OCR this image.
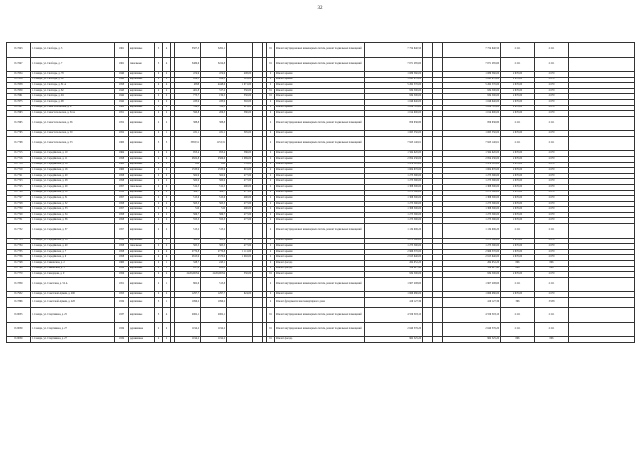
32
П-7643	г. Самара, ул. Свободы, д. 3	1961	кирпичные	5	4		3507,3	3262,1				91	Ремонт внутридомовых инженерных систем, ремонт подвальных помещений	7 754 640,50			7 754 640,50	2 211	2 211	
П-7647	г. Самара, ул. Свободы, д. 7	1961	панельные	5	4		3469,6	3224,8				91	Ремонт внутридомовых инженерных систем, ремонт подвальных помещений	7 671 285,60			7 671 285,60	2 211	2 211	
П-7654	г. Самара, ул. Свободы, д. 78	1940	кирпичные	2	2		474,9	474,9	408,00			2	Ремонт крыши	1 089 360,00			1 089 360,00	2 670,00	2 670	
П-7656	г. Самара, ул. Свободы, д. 80	1942	кирпичные	2	2		434,5	434,5	391,00			2	Ремонт крыши	1 043 970,00			1 043 970,00	2 670,00	2 670	
П-7658	г. Самара, ул. Свободы, д. 81 А	1958	кирпичные	4	4		4858	4448,6	1 971,00			2	Ремонт крыши	5 262 570,00			5 262 570,00	2 670,00	2 670	
П-7659	г. Самара, ул. Свободы, д. 82	1943	кирпичные	2	2		461,8	317,2	350,00			91	Ремонт крыши	934 500,00			934 500,00	2 670,00	2 670	
П-7661	г. Самара, ул. Свободы, д. 94	1942	кирпичные	2	2		775,7	159,5	350,00			91	Ремонт крыши	934 500,00			934 500,00	2 670,00	2 670	
П-7675	г. Самара, ул. Свободы, д. 98	1942	кирпичные	2	2		433,9	433,9	392,00			2	Ремонт крыши	1 046 640,00			1 046 640,00	2 670,00	2 670	
П-7687	г. Самара, ул. Севастопольская, д. 27	1960	кирпичные	3	2		519,5	519,5	613,00			2	Ремонт крыши	1 636 710,00			1 636 710,00	2 670,00	2 670	
П-7693	г. Самара, ул. Севастопольская, д. 34 А	1951	кирпичные	2	2		590,8	206,3	380,00			2	Ремонт крыши	1 014 600,00			1 014 600,00	2 670,00	2 670	
П-7695	г. Самара, ул. Севастопольская, д. 36	1952	кирпичные	2	2		388,8	388,8				2	Ремонт внутридомовых инженерных систем, ремонт подвальных помещений	859 636,80			859 636,80	2 211	2 211	
П-7705	г. Самара, ул. Севастопольская, д. 50	1952	кирпичные	2	1		431,1	431,1	395,00			2	Ремонт крыши	1 065 550,00			1 065 550,00	2 670,00	2 670	
П-7708	г. Самара, ул. Севастопольская, д. 53	1960	кирпичные	3	3		3583,51	1153,31				2	Ремонт внутридомовых инженерных систем, ремонт подвальных помещений	7 923 140,61			7 923 140,61	2 211	2 211	
П-7715	г. Самара, ул. Середёвская, д. 10	1964	кирпичные	2	2		953,4	953,4	586,00			2	Ремонт крыши	1 564 620,00			1 564 620,00	2 670,00	2 670	
П-7716	г. Самара, ул. Середёвская, д. 11	1958	кирпичные	4	4		2822,8	2566,6	1 069,00			2	Ремонт крыши	2 854 230,00			2 854 230,00	2 670,00	2 670	
П-7718	г. Самара, ул. Середёвская, д. 14	1960	кирпичные	2	1		630	630	553,00			2	Ремонт крыши	1 476 510,00			1 476 510,00	2 670,00	2 670	
П-7719	г. Самара, ул. Середёвская, д. 16	1960	кирпичные	4	2		1533,9	1533,9	601,00			2	Ремонт крыши	1 604 670,00			1 604 670,00	2 670,00	2 670	
П-7721	г. Самара, ул. Середёвская, д. 20	1958	кирпичные	2	2		562,9	562,9	477,00			2	Ремонт крыши	1 273 590,00			1 273 590,00	2 670,00	2 670	
П-7723	г. Самара, ул. Середёвская, д. 28	1958	кирпичные	2	2		560,9	560,9	477,00			2	Ремонт крыши	1 273 590,00			1 273 590,00	2 670,00	2 670	
П-7725	г. Самара, ул. Середёвская, д. 29	1957	панельные	2	2		512,5	512,5	490,00			2	Ремонт крыши	1 308 300,00			1 308 300,00	2 670,00	2 670	
П-7726	г. Самара, ул. Середёвская, д. 30	1958	кирпичные	2	2		566,7	566,7	477,00			2	Ремонт крыши	1 273 590,00			1 273 590,00	2 670,00	2 670	
П-7727	г. Самара, ул. Середёвская, д. 31	1957	кирпичные	2	2		515,6	515,6	490,00			2	Ремонт крыши	1 308 300,00			1 308 300,00	2 670,00	2 670	
П-7728	г. Самара, ул. Середёвская, д. 32	1958	кирпичные	2	2		563,3	563,3	477,00			2	Ремонт крыши	1 273 590,00			1 273 590,00	2 670,00	2 670	
П-7730	г. Самара, ул. Середёвская, д. 33	1957	кирпичные	2	2		510	510	490,00			2	Ремонт крыши	1 308 300,00			1 308 300,00	2 670,00	2 670	
П-7729	г. Самара, ул. Середёвская, д. 34	1958	кирпичные	2	2		566,7	566,7	477,00			2	Ремонт крыши	1 273 590,00			1 273 590,00	2 670,00	2 670	
П-7731	г. Самара, ул. Середёвская, д. 36	1958	кирпичные	2	2		555,3	555,3	477,00			2	Ремонт крыши	1 273 590,00			1 273 590,00	2 670,00	2 670	
П-7732	г. Самара, ул. Середёвская, д. 37	1957	кирпичные	2	2		513,2	513,2				2	Ремонт внутридомовых инженерных систем, ремонт подвальных помещений	1 134 906,20			1 134 906,20	2 211	2 211	
П-7733	г. Самара, ул. Середёвская, д. 38	1958	кирпичные	2	2		568,6	568,6	477,00			2	Ремонт крыши	1 273 590,00			1 273 590,00	2 670,00	2 670	
П-7734	г. Самара, ул. Середёвская, д. 40	1958	панельные	2	2		565,5	565,5	477,00			2	Ремонт крыши	1 273 590,00			1 273 590,00	2 670,00	2 670	
П-7735	г. Самара, ул. Середёвская, д. 7	1958	кирпичные	4	4		2770,8	2770,8	1 111,00			2	Ремонт крыши	2 966 370,00			2 966 370,00	2 670,00	2 670	
П-7736	г. Самара, ул. Середёвская, д. 9	1958	кирпичные	4	4		2815,9	2570,9	1 092,00			2	Ремонт крыши	2 915 640,00			2 915 640,00	2 670,00	2 670	
П-7748	г. Самара, ул. Сивашская, д. 2	1960	кирпичные	2	1		328,7	243,1				2	Ремонт фасада	264 952,20			264 952,20	806	806	
П-7764	г. Самара, ул. Сивашская, д. 5	1958	кирпичные	2	1		417,9	262,8				2	Ремонт фасада	336 827,40			336 827,40	806	806	
П-7770	г. Самара, ул. Скворцова, д. 9	1956	кирпичные	2	2		2220,60054	2220,60054	350,00			91	Ремонт крыши	934 500,00			934 500,00	2 670,00	2 670	
П-7839	г. Самара, ул. Советская, д. 52 А	1951	кирпичные	2	1		862,6	513,8				2	Ремонт внутридомовых инженерных систем, ремонт подвальных помещений	1 907 208,60			1 907 208,60	2 211	2 211	
П-7932	г. Самара, ул. Советской Армии, д. 206	1953	кирпичные	2	2		1297,7	1297,7	624,00			2	Ремонт крыши	1 666 080,00			1 666 080,00	2 670,00	2 670	
П-7866	г. Самара, ул. Советской Армии, д. 228	1934	кирпичные	3	1		1096,2	1096,2				2	Ремонт фундамента многоквартирного дома	419 127,36			419 127,36	396	3 958	
П-8035	г. Самара, ул. Спортивная, д. 25	1937	кирпичные	3	4		2062,1	2062,1				91	Ремонт внутридомовых инженерных систем, ремонт подвальных помещений	4 559 303,10			4 559 303,10	2 211	2 211	
П-8039	г. Самара, ул. Спортивная, д. 27	1934	деревянные	2	2		1194,2	1194,2				91	Ремонт внутридомовых инженерных систем, ремонт подвальных помещений	2 640 376,20			2 640 376,20	2 211	2 211	
П-8039	г. Самара, ул. Спортивная, д. 27	1934	деревянные	2	2		1194,2	1194,2				91	Ремонт фасада	962 525,20			962 525,20	806	806	
